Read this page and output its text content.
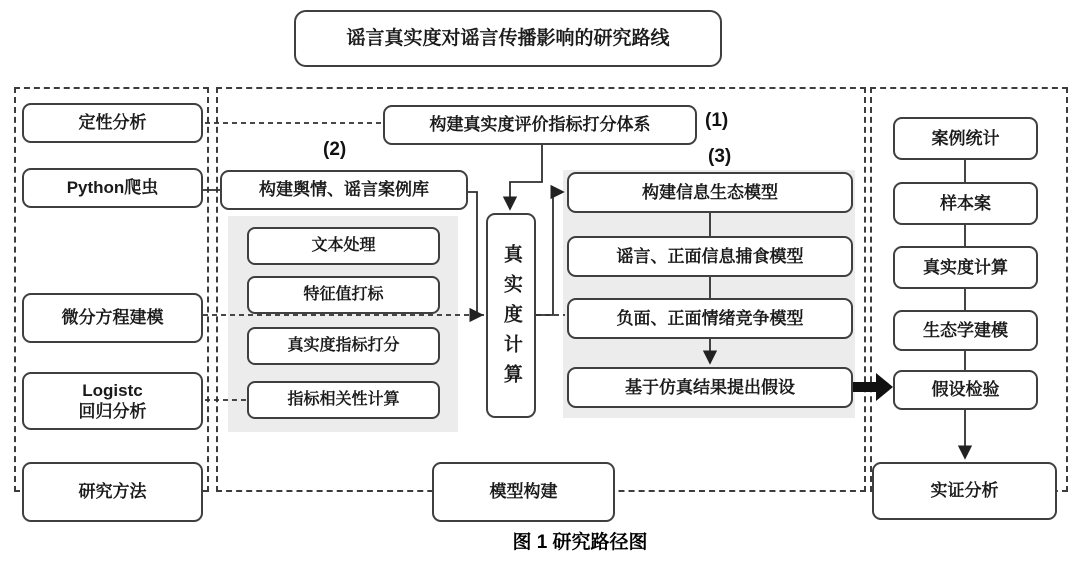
谣言真实度对谣言传播影响的研究路线
定性分析
Python爬虫
微分方程建模
Logistc
回归分析
研究方法
构建真实度评价指标打分体系	(1)
(2)	(3)
构建舆情、谣言案例库
文本处理
特征值打标
真实度指标打分
指标相关性计算
真实度计算
构建信息生态模型
谣言、正面信息捕食模型
负面、正面情绪竞争模型
基于仿真结果提出假设
模型构建
案例统计
样本案
真实度计算
生态学建模
假设检验
实证分析
图 1 研究路径图
